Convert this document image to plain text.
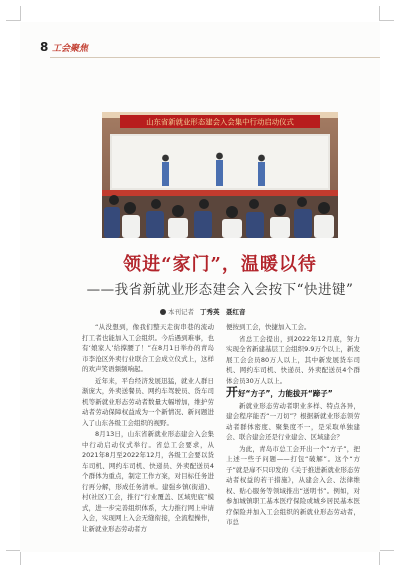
8 工会聚焦
山东省新就业形态建会入会集中行动启动仪式
领进“家门”，温暖以待
——我省新就业形态建会入会按下“快进键”
本刊记者 丁秀英　聂红音

“从没想到，像我们整天走街串巷的流动打工者也能加入工会组织。今后遇到难事，也有‘娘家人’给撑腰了！”在8月1日举办的青岛市李沧区外卖行业联合工会成立仪式上，这样的欢声笑语频频响起。

近年来，平台经济发展迅猛，就业人群日渐庞大，外卖送餐员、网约车驾驶员、货车司机等新就业形态劳动者数量大幅增加，维护劳动者劳动保障权益成为一个新情况、新问题进入了山东各级工会组织的视野。

8月13日，山东省新就业形态建会入会集中行动启动仪式举行。省总工会要求，从2021年8月至2022年12月，各级工会要以货车司机、网约车司机、快递员、外卖配送员4个群体为重点，制定工作方案，对目标任务进行再分解，形成任务清单。建强乡镇(街道)、村(社区)工会，推行“行业覆盖、区域兜底”模式，进一步完善组织体系，大力推行网上申请入会，实现网上入会无缝衔接，全流程操作，让新就业形态劳动者方

便按到工会，快捷加入工会。

省总工会提出，到2022年12月底，努力实现全省新建基层工会组织9.9万个以上，新发展工会会员80万人以上，其中新发展货车司机、网约车司机、快递员、外卖配送员4个群体会员30万人以上。

开好“方子”，力能拔开“蹄子”

新就业形态劳动者职业多样、特点各异，建会程序能否“一刀切”？根据新就业形态领劳动者群体密度、聚集度不一，是采取单独建会、联合建会还是行业建会、区域建会？

为此，青岛市总工会开出一个“方子”，把上述一些子问题——打包“破解”。这个“方子”就是扉不只印发的《关于推进新就业形态劳动者权益的若干措施》，从建会入会、法律维权、贴心服务等领域推出“送明书”。例如，对参加城镇职工基本医疗保险或城乡居民基本医疗保险并加入工会组织的新就业形态劳动者，市总
